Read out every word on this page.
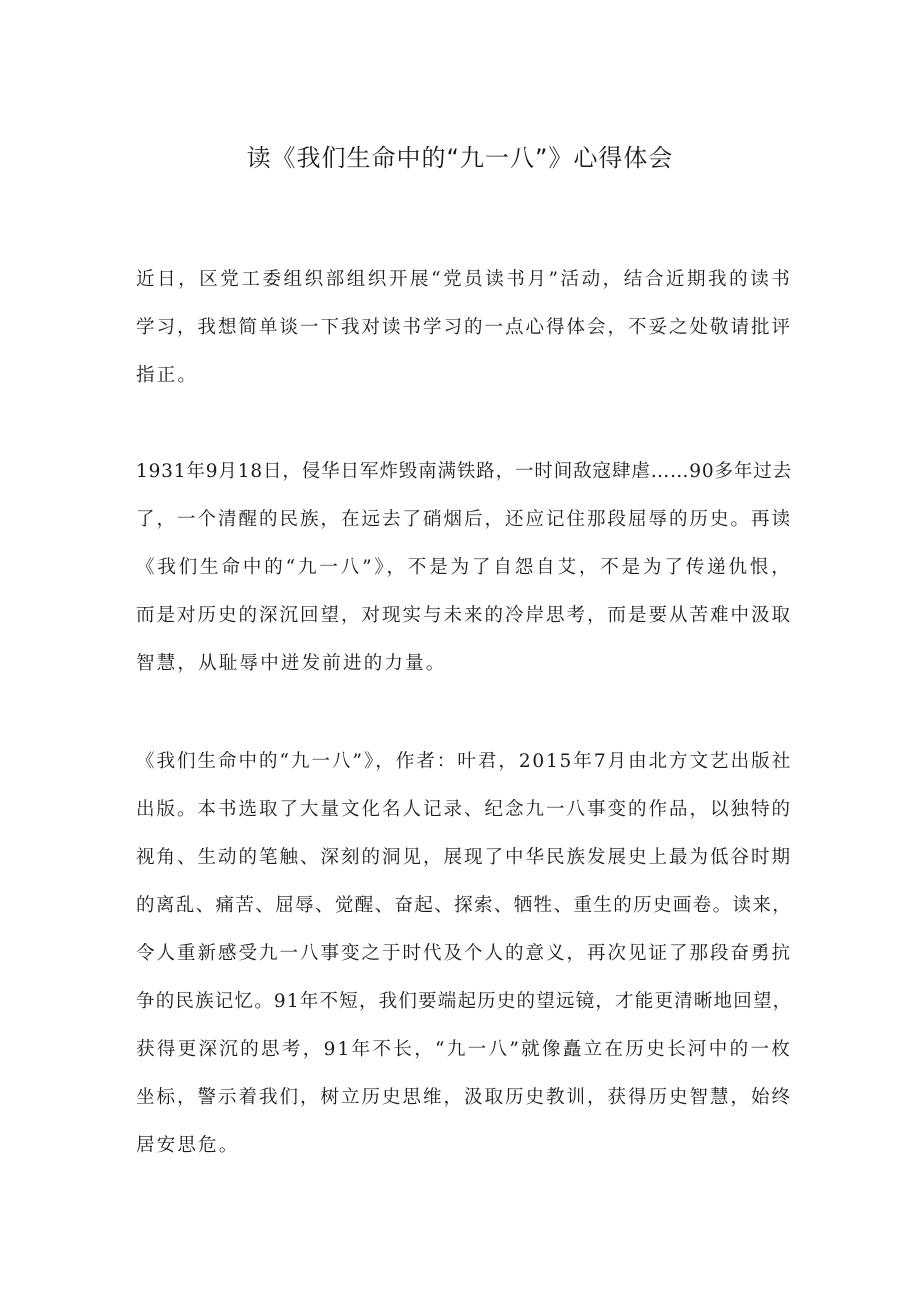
读《我们生命中的“九一八”》心得体会
近日，区党工委组织部组织开展“党员读书月”活动，结合近期我的读书
学习，我想简单谈一下我对读书学习的一点心得体会，不妥之处敬请批评
指正。
1931年9月18日，侵华日军炸毁南满铁路，一时间敌寇肆虐……90多年过去
了，一个清醒的民族，在远去了硝烟后，还应记住那段屈辱的历史。再读
《我们生命中的“九一八”》，不是为了自怨自艾，不是为了传递仇恨，
而是对历史的深沉回望，对现实与未来的冷岸思考，而是要从苦难中汲取
智慧，从耻辱中迸发前进的力量。
《我们生命中的“九一八”》，作者：叶君，2015年7月由北方文艺出版社
出版。本书选取了大量文化名人记录、纪念九一八事变的作品，以独特的
视角、生动的笔触、深刻的洞见，展现了中华民族发展史上最为低谷时期
的离乱、痛苦、屈辱、觉醒、奋起、探索、牺牲、重生的历史画卷。读来，
令人重新感受九一八事变之于时代及个人的意义，再次见证了那段奋勇抗
争的民族记忆。91年不短，我们要端起历史的望远镜，才能更清晰地回望，
获得更深沉的思考，91年不长，“九一八”就像矗立在历史长河中的一枚
坐标，警示着我们，树立历史思维，汲取历史教训，获得历史智慧，始终
居安思危。
